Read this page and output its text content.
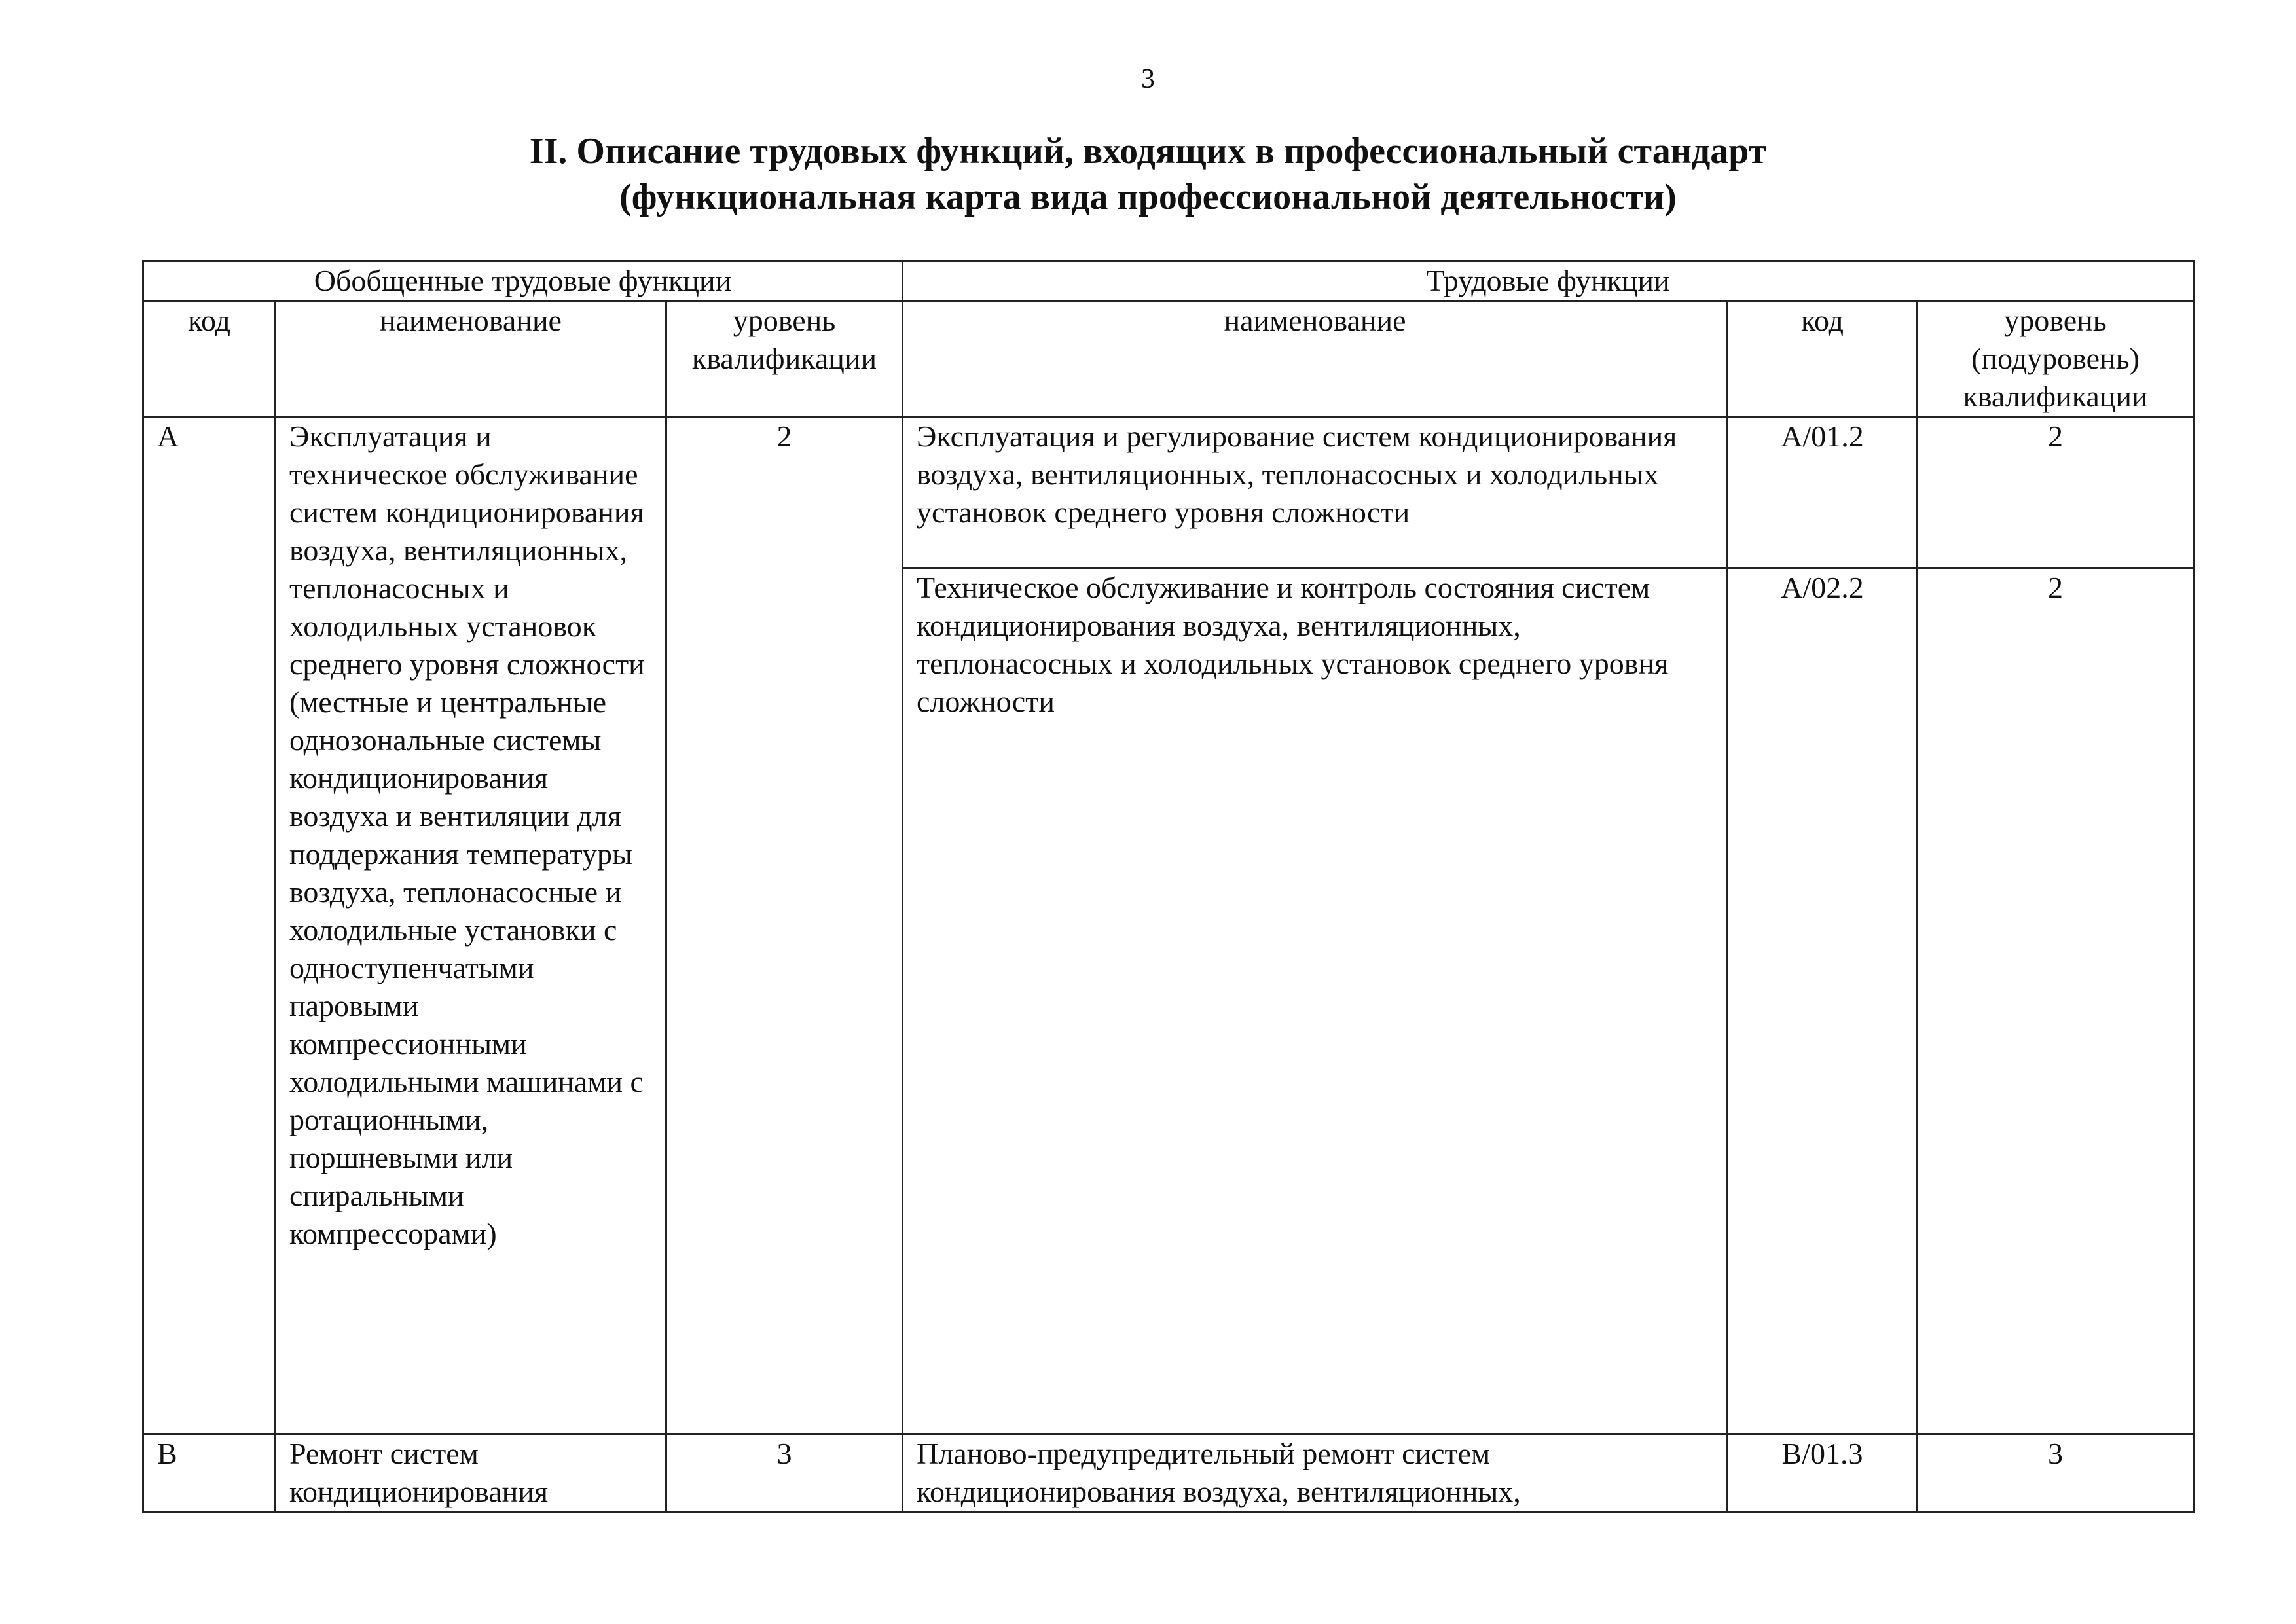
3
II. Описание трудовых функций, входящих в профессиональный стандарт
(функциональная карта вида профессиональной деятельности)
Обобщенные трудовые функции			Трудовые функции		
код	наименование	уровень квалификации	наименование	код	уровень (подуровень) квалификации
A	Эксплуатация и техническое обслуживание систем кондиционирования воздуха, вентиляционных, теплонасосных и холодильных установок среднего уровня сложности (местные и центральные однозональные системы кондиционирования воздуха и вентиляции для поддержания температуры воздуха, теплонасосные и холодильные установки с одноступенчатыми паровыми компрессионными холодильными машинами с ротационными, поршневыми или спиральными компрессорами)	2	Эксплуатация и регулирование систем кондиционирования воздуха, вентиляционных, теплонасосных и холодильных установок среднего уровня сложности	A/01.2	2
			Техническое обслуживание и контроль состояния систем кондиционирования воздуха, вентиляционных, теплонасосных и холодильных установок среднего уровня сложности	A/02.2	2
B	Ремонт систем кондиционирования	3	Планово-предупредительный ремонт систем кондиционирования воздуха, вентиляционных,	B/01.3	3
